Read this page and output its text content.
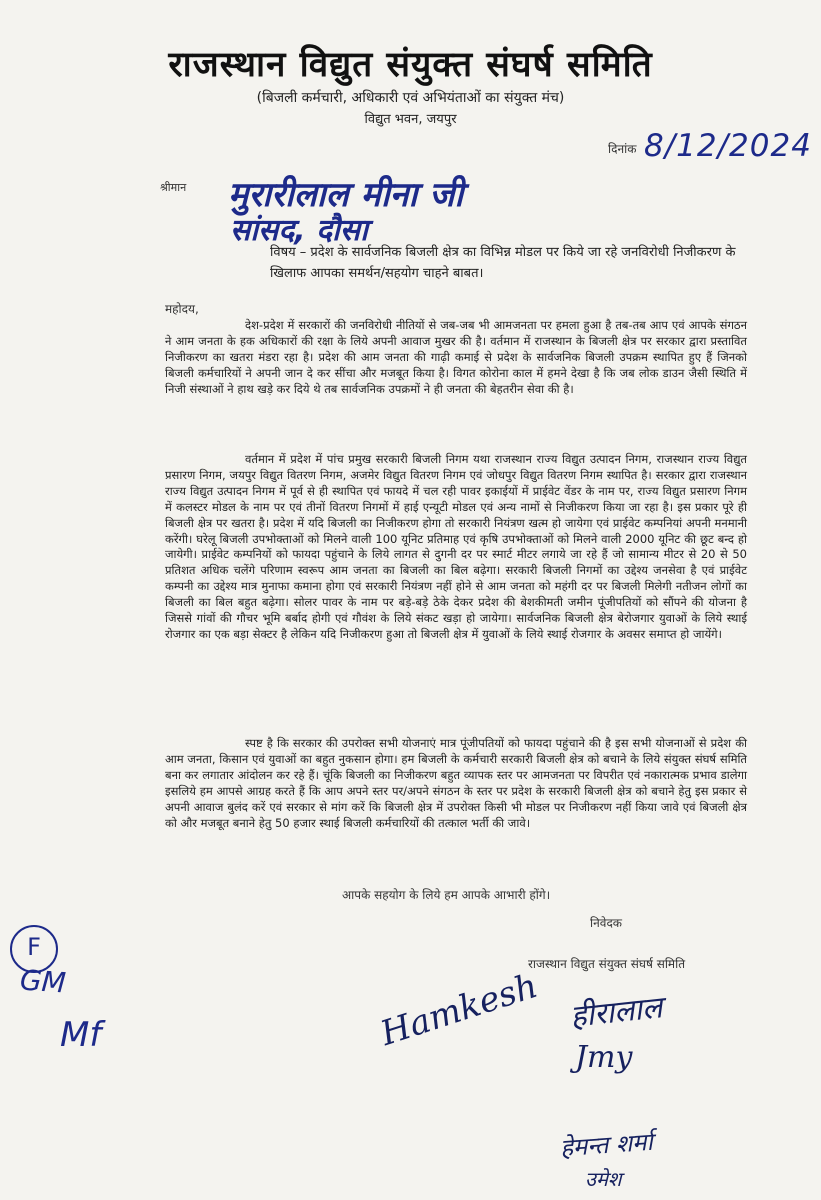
राजस्थान विद्युत संयुक्त संघर्ष समिति
(बिजली कर्मचारी, अधिकारी एवं अभियंताओं का संयुक्त मंच)
विद्युत भवन, जयपुर
दिनांक 8/12/2024
श्रीमान मुरारीलाल मीना जी
सांसद, दौसा
विषय – प्रदेश के सार्वजनिक बिजली क्षेत्र का विभिन्न मोडल पर किये जा रहे जनविरोधी निजीकरण के खिलाफ आपका समर्थन/सहयोग चाहने बाबत।
महोदय,

देश-प्रदेश में सरकारों की जनविरोधी नीतियों से जब-जब भी आमजनता पर हमला हुआ है तब-तब आप एवं आपके संगठन ने आम जनता के हक अधिकारों की रक्षा के लिये अपनी आवाज मुखर की है। वर्तमान में राजस्थान के बिजली क्षेत्र पर सरकार द्वारा प्रस्तावित निजीकरण का खतरा मंडरा रहा है। प्रदेश की आम जनता की गाढ़ी कमाई से प्रदेश के सार्वजनिक बिजली उपक्रम स्थापित हुए हैं जिनको बिजली कर्मचारियों ने अपनी जान दे कर सींचा और मजबूत किया है। विगत कोरोना काल में हमने देखा है कि जब लोक डाउन जैसी स्थिति में निजी संस्थाओं ने हाथ खड़े कर दिये थे तब सार्वजनिक उपक्रमों ने ही जनता की बेहतरीन सेवा की है।

वर्तमान में प्रदेश में पांच प्रमुख सरकारी बिजली निगम यथा राजस्थान राज्य विद्युत उत्पादन निगम, राजस्थान राज्य विद्युत प्रसारण निगम, जयपुर विद्युत वितरण निगम, अजमेर विद्युत वितरण निगम एवं जोधपुर विद्युत वितरण निगम स्थापित है। सरकार द्वारा राजस्थान राज्य विद्युत उत्पादन निगम में पूर्व से ही स्थापित एवं फायदे में चल रही पावर इकाईयों में प्राईवेट वेंडर के नाम पर, राज्य विद्युत प्रसारण निगम में कलस्टर मोडल के नाम पर एवं तीनों वितरण निगमों में हाई एन्यूटी मोडल एवं अन्य नामों से निजीकरण किया जा रहा है। इस प्रकार पूरे ही बिजली क्षेत्र पर खतरा है। प्रदेश में यदि बिजली का निजीकरण होगा तो सरकारी नियंत्रण खत्म हो जायेगा एवं प्राईवेट कम्पनियां अपनी मनमानी करेंगी। घरेलू बिजली उपभोक्ताओं को मिलने वाली 100 यूनिट प्रतिमाह एवं कृषि उपभोक्ताओं को मिलने वाली 2000 यूनिट की छूट बन्द हो जायेगी। प्राईवेट कम्पनियों को फायदा पहुंचाने के लिये लागत से दुगनी दर पर स्मार्ट मीटर लगाये जा रहे हैं जो सामान्य मीटर से 20 से 50 प्रतिशत अधिक चलेंगे परिणाम स्वरूप आम जनता का बिजली का बिल बढ़ेगा। सरकारी बिजली निगमों का उद्देश्य जनसेवा है एवं प्राईवेट कम्पनी का उद्देश्य मात्र मुनाफा कमाना होगा एवं सरकारी नियंत्रण नहीं होने से आम जनता को महंगी दर पर बिजली मिलेगी नतीजन लोगों का बिजली का बिल बहुत बढ़ेगा। सोलर पावर के नाम पर बड़े-बड़े ठेके देकर प्रदेश की बेशकीमती जमीन पूंजीपतियों को सौंपने की योजना है जिससे गांवों की गौचर भूमि बर्बाद होगी एवं गौवंश के लिये संकट खड़ा हो जायेगा। सार्वजनिक बिजली क्षेत्र बेरोजगार युवाओं के लिये स्थाई रोजगार का एक बड़ा सेक्टर है लेकिन यदि निजीकरण हुआ तो बिजली क्षेत्र में युवाओं के लिये स्थाई रोजगार के अवसर समाप्त हो जायेंगे।

स्पष्ट है कि सरकार की उपरोक्त सभी योजनाएं मात्र पूंजीपतियों को फायदा पहुंचाने की है इस सभी योजनाओं से प्रदेश की आम जनता, किसान एवं युवाओं का बहुत नुकसान होगा। हम बिजली के कर्मचारी सरकारी बिजली क्षेत्र को बचाने के लिये संयुक्त संघर्ष समिति बना कर लगातार आंदोलन कर रहे हैं। चूंकि बिजली का निजीकरण बहुत व्यापक स्तर पर आमजनता पर विपरीत एवं नकारात्मक प्रभाव डालेगा इसलिये हम आपसे आग्रह करते हैं कि आप अपने स्तर पर/अपने संगठन के स्तर पर प्रदेश के सरकारी बिजली क्षेत्र को बचाने हेतु इस प्रकार से अपनी आवाज बुलंद करें एवं सरकार से मांग करें कि बिजली क्षेत्र में उपरोक्त किसी भी मोडल पर निजीकरण नहीं किया जावे एवं बिजली क्षेत्र को और मजबूत बनाने हेतु 50 हजार स्थाई बिजली कर्मचारियों की तत्काल भर्ती की जावे।

आपके सहयोग के लिये हम आपके आभारी होंगे।
निवेदक
राजस्थान विद्युत संयुक्त संघर्ष समिति
Hamkesh हीरालाल
Jmy
हेमन्त शर्मा
उमेश
F
GM
Mf
